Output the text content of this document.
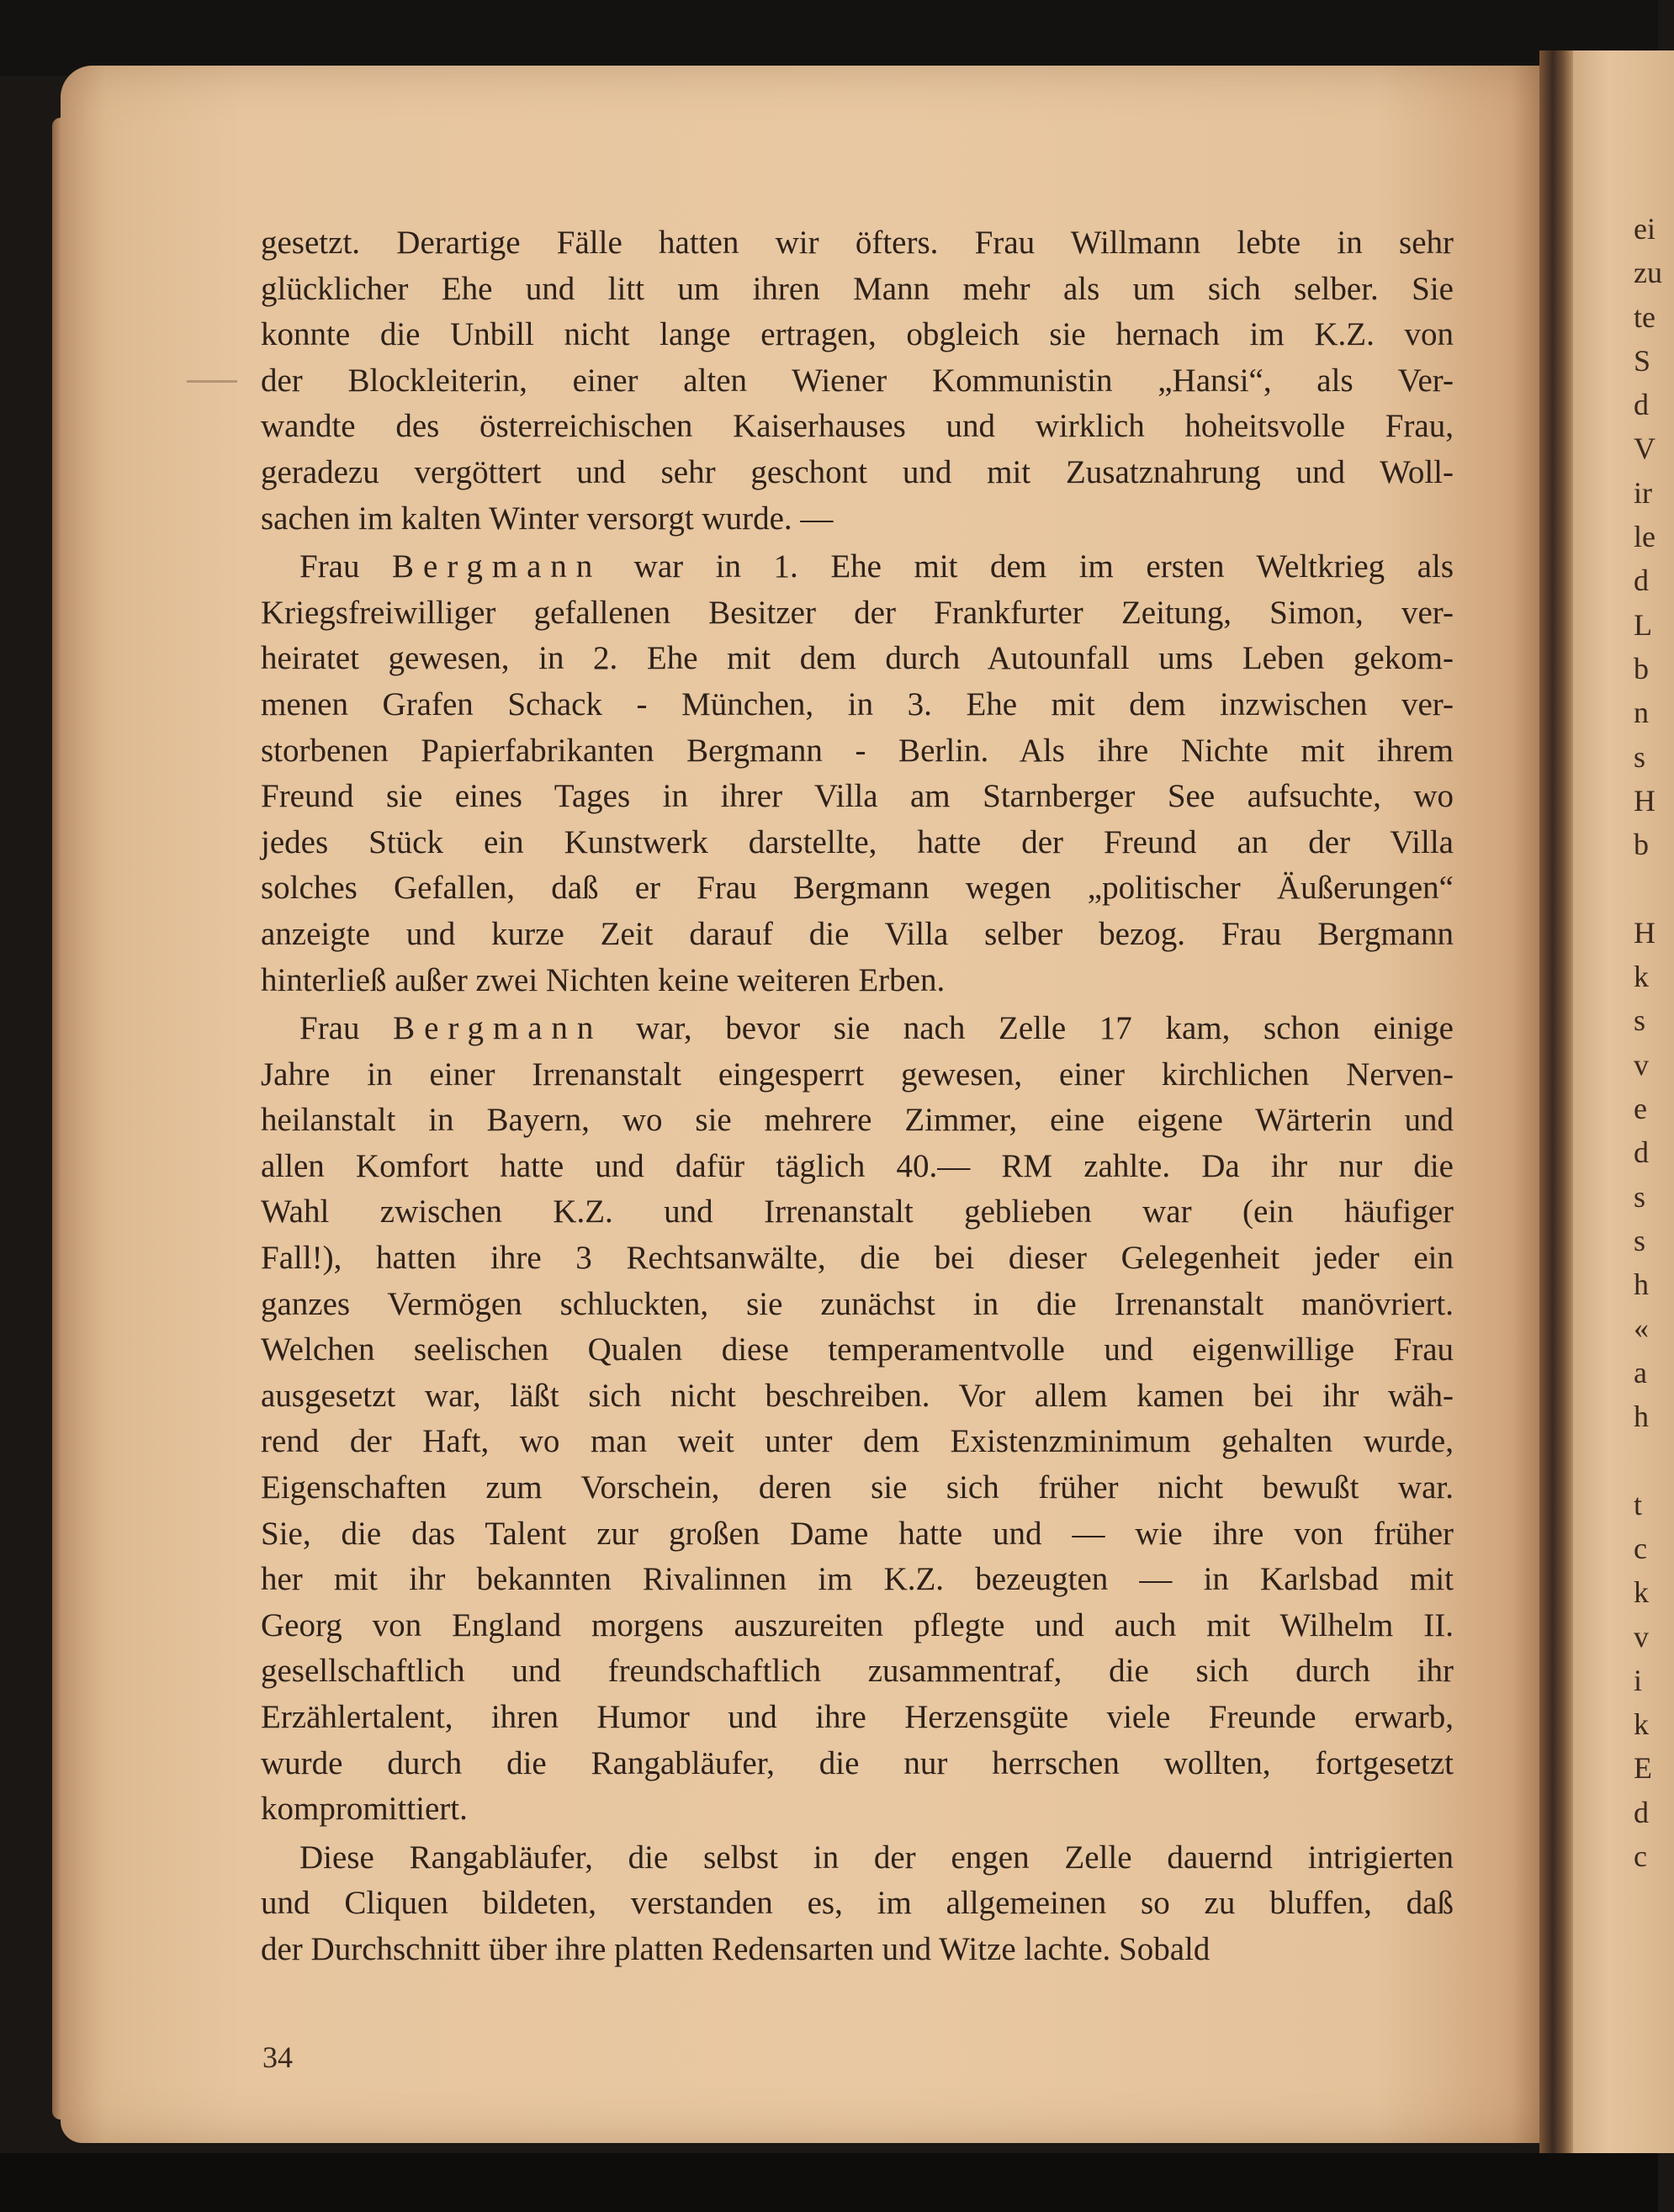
ei
zu
te
S
d
V
ir
le
d
L
b
n
s
H
b

H
k
s
v
e
d
s
s
h
«
a
h

t
c
k
v
i
k
E
d
c
gesetzt. Derartige Fälle hatten wir öfters. Frau Willmann lebte in sehr
glücklicher Ehe und litt um ihren Mann mehr als um sich selber. Sie
konnte die Unbill nicht lange ertragen, obgleich sie hernach im K.Z. von
der Blockleiterin, einer alten Wiener Kommunistin „Hansi“, als Ver-
wandte des österreichischen Kaiserhauses und wirklich hoheitsvolle Frau,
geradezu vergöttert und sehr geschont und mit Zusatznahrung und Woll-
sachen im kalten Winter versorgt wurde. —
Frau Bergmann war in 1. Ehe mit dem im ersten Weltkrieg als
Kriegsfreiwilliger gefallenen Besitzer der Frankfurter Zeitung, Simon, ver-
heiratet gewesen, in 2. Ehe mit dem durch Autounfall ums Leben gekom-
menen Grafen Schack - München, in 3. Ehe mit dem inzwischen ver-
storbenen Papierfabrikanten Bergmann - Berlin. Als ihre Nichte mit ihrem
Freund sie eines Tages in ihrer Villa am Starnberger See aufsuchte, wo
jedes Stück ein Kunstwerk darstellte, hatte der Freund an der Villa
solches Gefallen, daß er Frau Bergmann wegen „politischer Äußerungen“
anzeigte und kurze Zeit darauf die Villa selber bezog. Frau Bergmann
hinterließ außer zwei Nichten keine weiteren Erben.
Frau Bergmann war, bevor sie nach Zelle 17 kam, schon einige
Jahre in einer Irrenanstalt eingesperrt gewesen, einer kirchlichen Nerven-
heilanstalt in Bayern, wo sie mehrere Zimmer, eine eigene Wärterin und
allen Komfort hatte und dafür täglich 40.— RM zahlte. Da ihr nur die
Wahl zwischen K.Z. und Irrenanstalt geblieben war (ein häufiger
Fall!), hatten ihre 3 Rechtsanwälte, die bei dieser Gelegenheit jeder ein
ganzes Vermögen schluckten, sie zunächst in die Irrenanstalt manövriert.
Welchen seelischen Qualen diese temperamentvolle und eigenwillige Frau
ausgesetzt war, läßt sich nicht beschreiben. Vor allem kamen bei ihr wäh-
rend der Haft, wo man weit unter dem Existenzminimum gehalten wurde,
Eigenschaften zum Vorschein, deren sie sich früher nicht bewußt war.
Sie, die das Talent zur großen Dame hatte und — wie ihre von früher
her mit ihr bekannten Rivalinnen im K.Z. bezeugten — in Karlsbad mit
Georg von England morgens auszureiten pflegte und auch mit Wilhelm II.
gesellschaftlich und freundschaftlich zusammentraf, die sich durch ihr
Erzählertalent, ihren Humor und ihre Herzensgüte viele Freunde erwarb,
wurde durch die Rangabläufer, die nur herrschen wollten, fortgesetzt
kompromittiert.
Diese Rangabläufer, die selbst in der engen Zelle dauernd intrigierten
und Cliquen bildeten, verstanden es, im allgemeinen so zu bluffen, daß
der Durchschnitt über ihre platten Redensarten und Witze lachte. Sobald
34
